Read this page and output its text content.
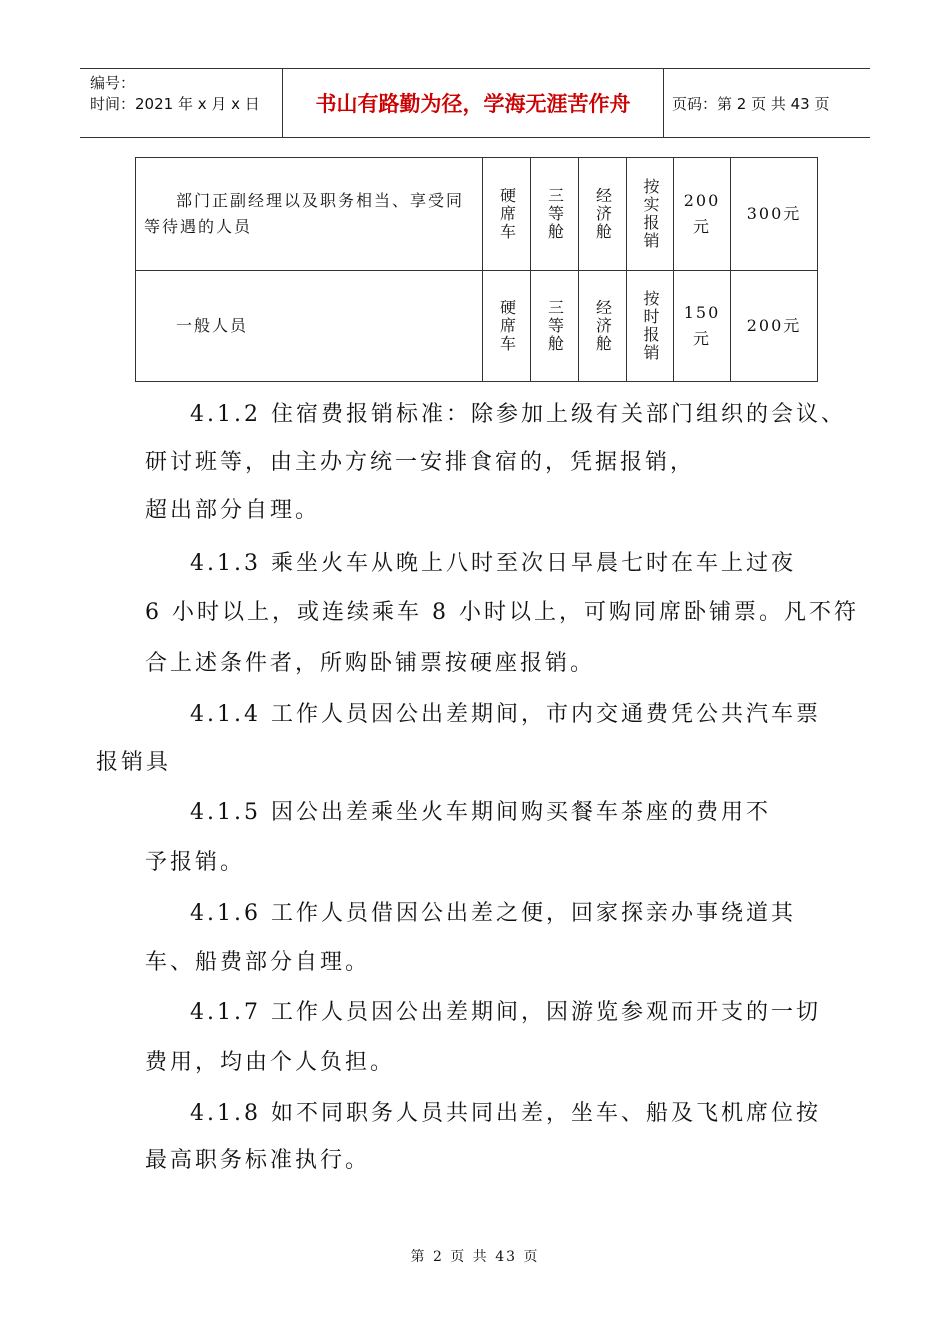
编号：
时间：2021 年 x 月 x 日	书山有路勤为径，学海无涯苦作舟	页码：第 2 页 共 43 页
部门正副经理以及职务相当、享受同等待遇的人员	硬席车	三等舱	经济舱	按实报销	200元	300元

一般人员	硬席车	三等舱	经济舱	按时报销	150元	200元
4.1.2 住宿费报销标准：除参加上级有关部门组织的会议、
研讨班等，由主办方统一安排食宿的，凭据报销，
超出部分自理。
4.1.3 乘坐火车从晚上八时至次日早晨七时在车上过夜
6 小时以上，或连续乘车 8 小时以上，可购同席卧铺票。凡不符
合上述条件者，所购卧铺票按硬座报销。
4.1.4 工作人员因公出差期间，市内交通费凭公共汽车票
报销具
4.1.5 因公出差乘坐火车期间购买餐车茶座的费用不
予报销。
4.1.6 工作人员借因公出差之便，回家探亲办事绕道其
车、船费部分自理。
4.1.7 工作人员因公出差期间，因游览参观而开支的一切
费用，均由个人负担。
4.1.8 如不同职务人员共同出差，坐车、船及飞机席位按
最高职务标准执行。
第 2 页 共 43 页
